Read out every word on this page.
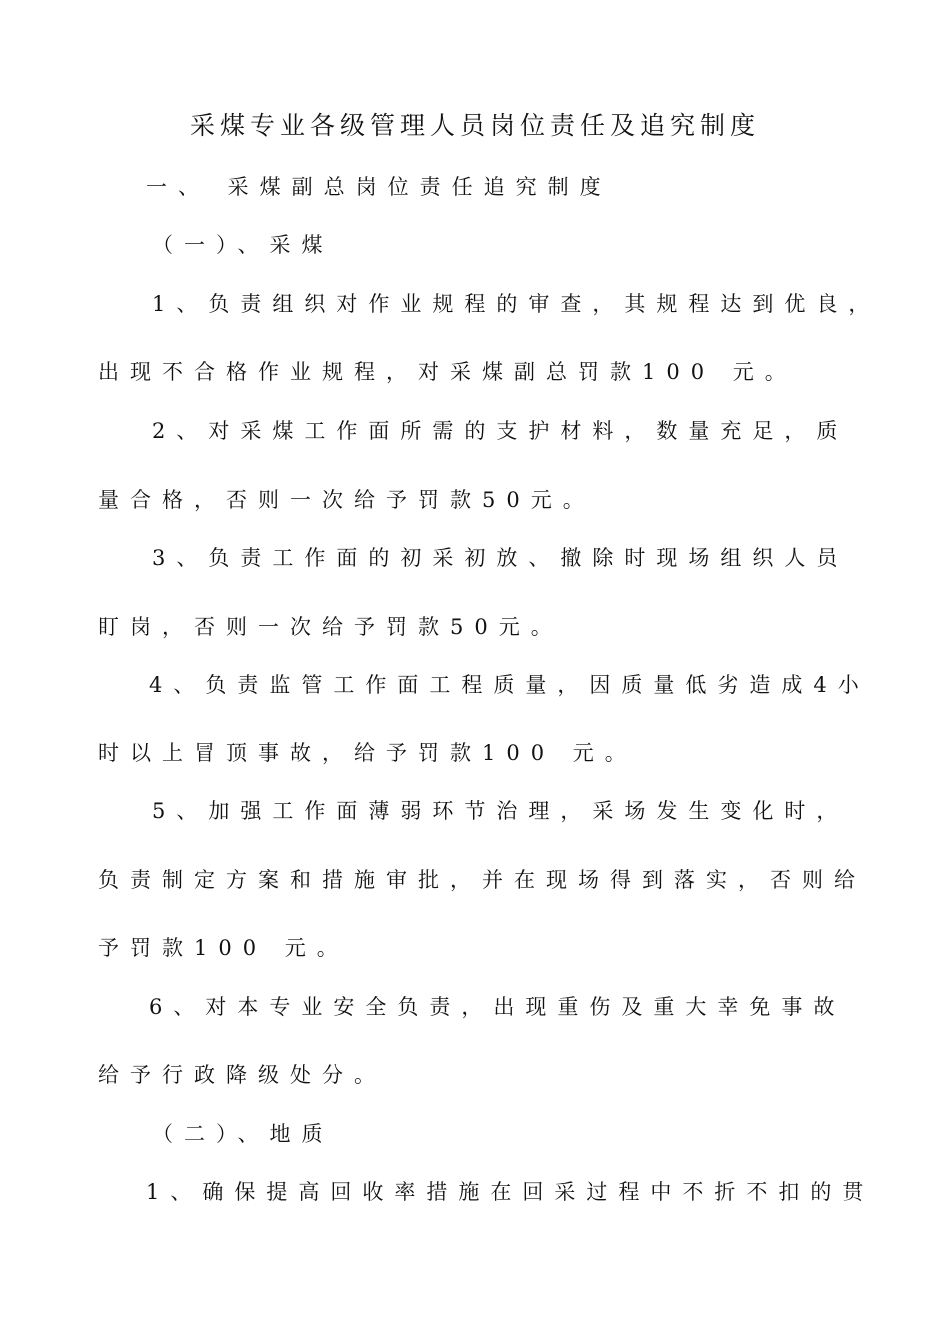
采煤专业各级管理人员岗位责任及追究制度
一、 采煤副总岗位责任追究制度
（一）、采煤
1、负责组织对作业规程的审查，其规程达到优良，
出现不合格作业规程，对采煤副总罚款100 元。
2、对采煤工作面所需的支护材料，数量充足，质
量合格，否则一次给予罚款50元。
3、负责工作面的初采初放、撤除时现场组织人员
盯岗，否则一次给予罚款50元。
4、负责监管工作面工程质量，因质量低劣造成4小
时以上冒顶事故，给予罚款100 元。
5、加强工作面薄弱环节治理，采场发生变化时，
负责制定方案和措施审批，并在现场得到落实，否则给
予罚款100 元。
6、对本专业安全负责，出现重伤及重大幸免事故
给予行政降级处分。
（二）、地质
1、确保提高回收率措施在回采过程中不折不扣的贯
